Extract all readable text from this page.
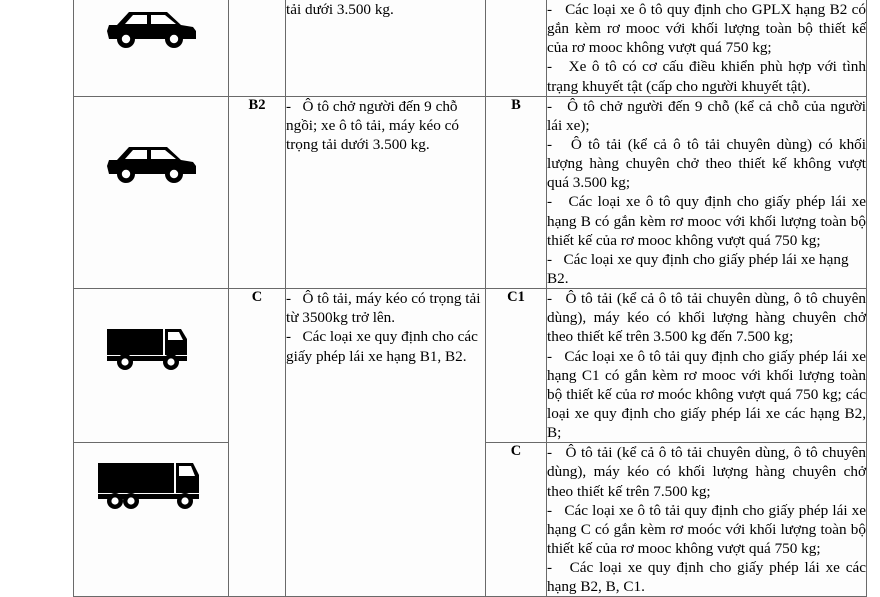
tải dưới 3.500 kg.		- Các loại xe ô tô quy định cho GPLX hạng B2 có gắn kèm rơ mooc với khối lượng toàn bộ thiết kế của rơ mooc không vượt quá 750 kg;

- Xe ô tô có cơ cấu điều khiển phù hợp với tình trạng khuyết tật (cấp cho người khuyết tật).

	B2	- Ô tô chở người đến 9 chỗ ngồi; xe ô tô tải, máy kéo có trọng tải dưới 3.500 kg.	B	- Ô tô chở người đến 9 chỗ (kể cả chỗ của người lái xe);

- Ô tô tải (kể cả ô tô tải chuyên dùng) có khối lượng hàng chuyên chở theo thiết kế không vượt quá 3.500 kg;

- Các loại xe ô tô quy định cho giấy phép lái xe hạng B có gắn kèm rơ mooc với khối lượng toàn bộ thiết kế của rơ mooc không vượt quá 750 kg;

- Các loại xe quy định cho giấy phép lái xe hạng B2.

	C	- Ô tô tải, máy kéo có trọng tải từ 3500kg trở lên.

- Các loại xe quy định cho các giấy phép lái xe hạng B1, B2.

	C1	- Ô tô tải (kể cả ô tô tải chuyên dùng, ô tô chuyên dùng), máy kéo có khối lượng hàng chuyên chở theo thiết kế trên 3.500 kg đến 7.500 kg;

- Các loại xe ô tô tải quy định cho giấy phép lái xe hạng C1 có gắn kèm rơ mooc với khối lượng toàn bộ thiết kế của rơ moóc không vượt quá 750 kg; các loại xe quy định cho giấy phép lái xe các hạng B2, B;

	C	- Ô tô tải (kể cả ô tô tải chuyên dùng, ô tô chuyên dùng), máy kéo có khối lượng hàng chuyên chở theo thiết kế trên 7.500 kg;

- Các loại xe ô tô tải quy định cho giấy phép lái xe hạng C có gắn kèm rơ moóc với khối lượng toàn bộ thiết kế của rơ mooc không vượt quá 750 kg;

- Các loại xe quy định cho giấy phép lái xe các hạng B2, B, C1.
